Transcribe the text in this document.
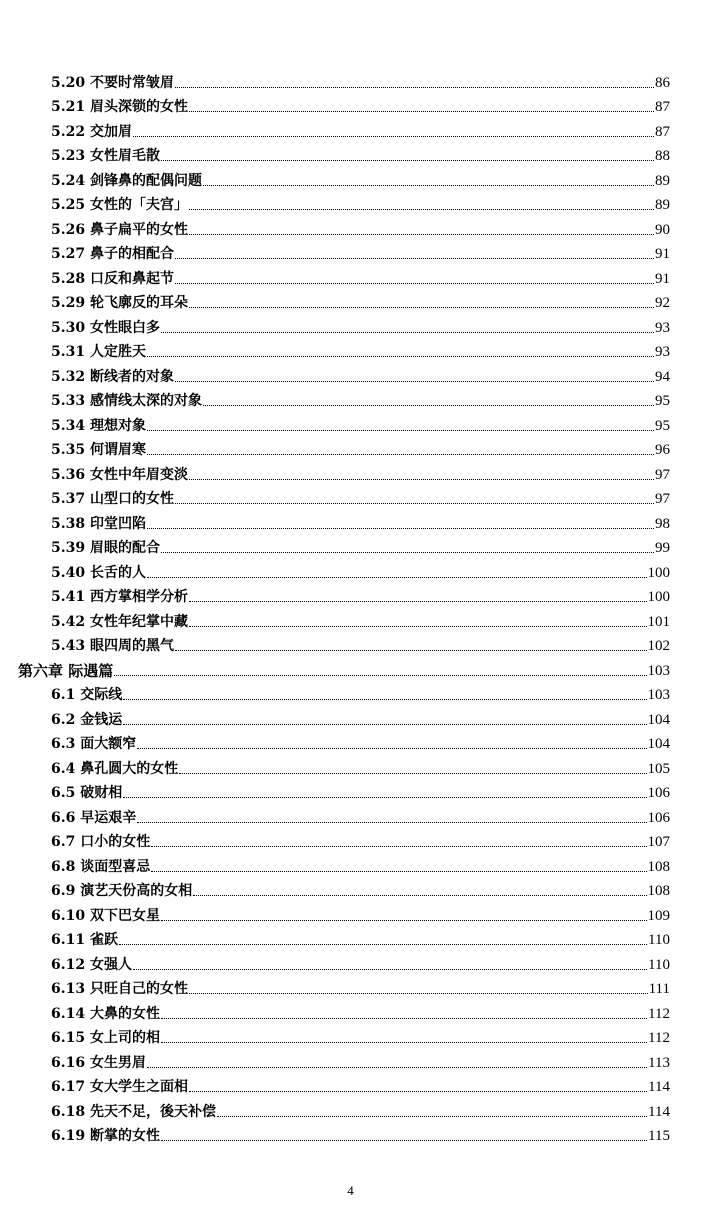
5.20 不要时常皱眉	86
5.21 眉头深锁的女性	87
5.22 交加眉	87
5.23 女性眉毛散	88
5.24 剑锋鼻的配偶问题	89
5.25 女性的「夫宫」	89
5.26 鼻子扁平的女性	90
5.27 鼻子的相配合	91
5.28 口反和鼻起节	91
5.29 轮飞廓反的耳朵	92
5.30 女性眼白多	93
5.31 人定胜天	93
5.32 断线者的对象	94
5.33 感情线太深的对象	95
5.34 理想对象	95
5.35 何谓眉寒	96
5.36 女性中年眉变淡	97
5.37 山型口的女性	97
5.38 印堂凹陷	98
5.39 眉眼的配合	99
5.40 长舌的人	100
5.41 西方掌相学分析	100
5.42 女性年纪掌中藏	101
5.43 眼四周的黑气	102
第六章 际遇篇	103
6.1 交际线	103
6.2 金钱运	104
6.3 面大额窄	104
6.4 鼻孔圆大的女性	105
6.5 破财相	106
6.6 早运艰辛	106
6.7 口小的女性	107
6.8 谈面型喜忌	108
6.9 演艺天份高的女相	108
6.10 双下巴女星	109
6.11 雀跃	110
6.12 女强人	110
6.13 只旺自己的女性	111
6.14 大鼻的女性	112
6.15 女上司的相	112
6.16 女生男眉	113
6.17 女大学生之面相	114
6.18 先天不足，後天补偿	114
6.19 断掌的女性	115
4
